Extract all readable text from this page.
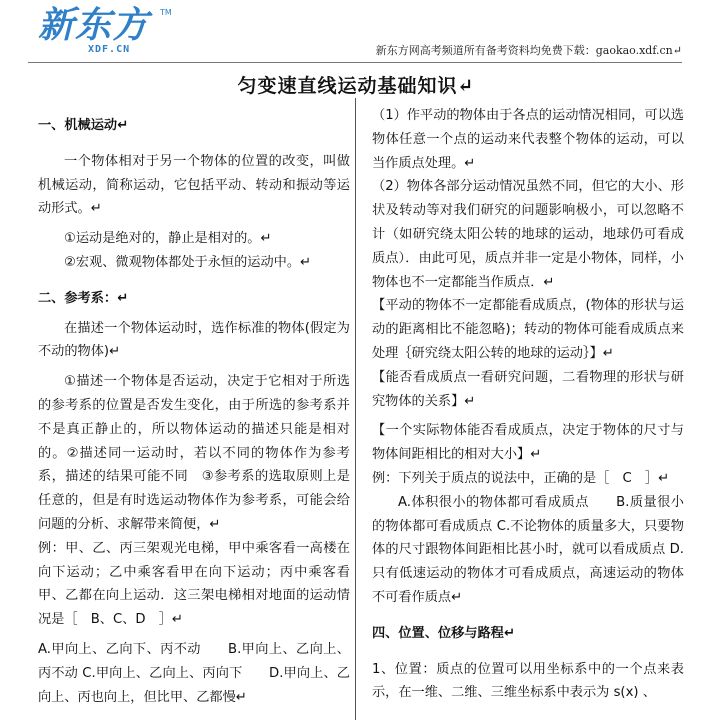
新东方 TM
XDF.CN	新东方网高考频道所有备考资料均免费下载：gaokao.xdf.cn↵
匀变速直线运动基础知识↵
一、机械运动↵
一个物体相对于另一个物体的位置的改变，叫做机械运动，简称运动，它包括平动、转动和振动等运动形式。↵
①运动是绝对的，静止是相对的。↵
②宏观、微观物体都处于永恒的运动中。↵
二、参考系：↵
在描述一个物体运动时，选作标准的物体(假定为不动的物体)↵
①描述一个物体是否运动，决定于它相对于所选的参考系的位置是否发生变化，由于所选的参考系并不是真正静止的，所以物体运动的描述只能是相对的。②描述同一运动时，若以不同的物体作为参考系，描述的结果可能不同　③参考系的选取原则上是任意的，但是有时选运动物体作为参考系，可能会给问题的分析、求解带来简便，↵
例：甲、乙、丙三架观光电梯，甲中乘客看一高楼在向下运动；乙中乘客看甲在向下运动；丙中乘客看甲、乙都在向上运动．这三架电梯相对地面的运动情况是［　B、C、D　］↵
A.甲向上、乙向下、丙不动　　B.甲向上、乙向上、丙不动 C.甲向上、乙向上、丙向下　　D.甲向上、乙向上、丙也向上，但比甲、乙都慢↵
（1）作平动的物体由于各点的运动情况相同，可以选物体任意一个点的运动来代表整个物体的运动，可以当作质点处理。↵
（2）物体各部分运动情况虽然不同，但它的大小、形状及转动等对我们研究的问题影响极小，可以忽略不计（如研究绕太阳公转的地球的运动，地球仍可看成质点）．由此可见，质点并非一定是小物体，同样，小物体也不一定都能当作质点．↵
【平动的物体不一定都能看成质点，(物体的形状与运动的距离相比不能忽略)；转动的物体可能看成质点来处理｛研究绕太阳公转的地球的运动｝】↵
【能否看成质点一看研究问题，二看物理的形状与研究物体的关系】↵
【一个实际物体能否看成质点，决定于物体的尺寸与物体间距相比的相对大小】↵
例：下列关于质点的说法中，正确的是［　C　］↵
A.体积很小的物体都可看成质点　　B.质量很小的物体都可看成质点 C.不论物体的质量多大，只要物体的尺寸跟物体间距相比甚小时，就可以看成质点 D.只有低速运动的物体才可看成质点，高速运动的物体不可看作质点↵
四、位置、位移与路程↵
1、位置：质点的位置可以用坐标系中的一个点来表示，在一维、二维、三维坐标系中表示为 s(x) 、
